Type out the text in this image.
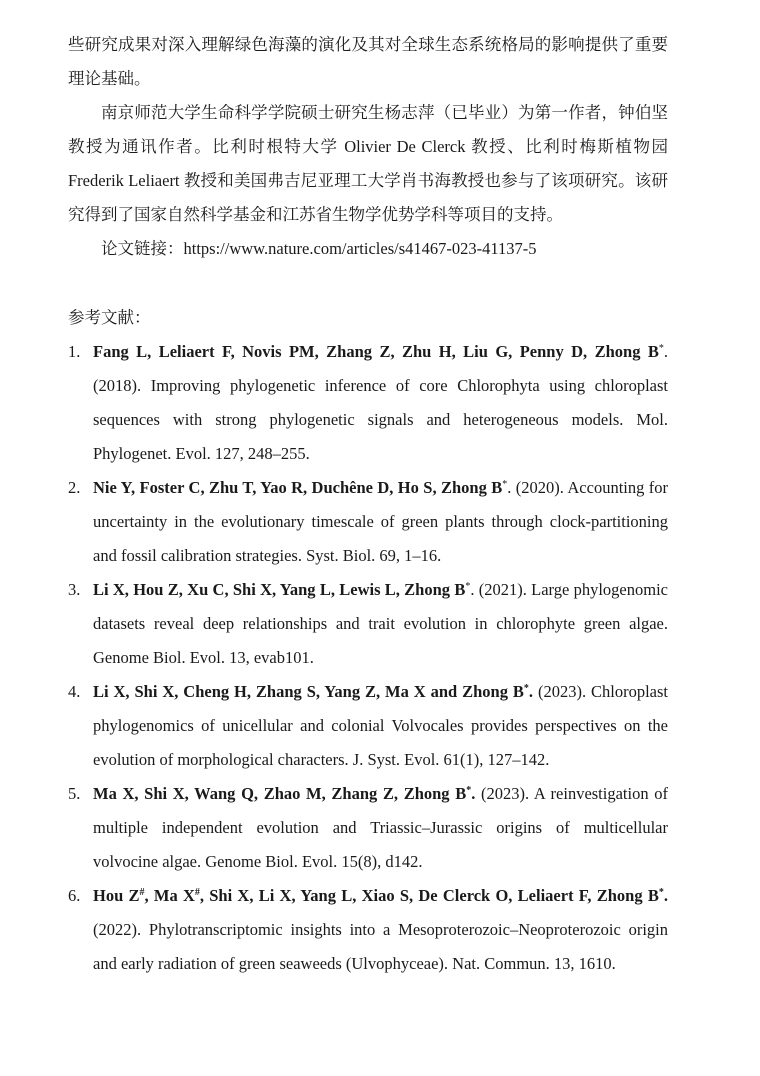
些研究成果对深入理解绿色海藻的演化及其对全球生态系统格局的影响提供了重要理论基础。

南京师范大学生命科学学院硕士研究生杨志萍（已毕业）为第一作者，钟伯坚教授为通讯作者。比利时根特大学 Olivier De Clerck 教授、比利时梅斯植物园 Frederik Leliaert 教授和美国弗吉尼亚理工大学肖书海教授也参与了该项研究。该研究得到了国家自然科学基金和江苏省生物学优势学科等项目的支持。

论文链接：https://www.nature.com/articles/s41467-023-41137-5

参考文献：

1. Fang L, Leliaert F, Novis PM, Zhang Z, Zhu H, Liu G, Penny D, Zhong B*. (2018). Improving phylogenetic inference of core Chlorophyta using chloroplast sequences with strong phylogenetic signals and heterogeneous models. Mol. Phylogenet. Evol. 127, 248–255.
2. Nie Y, Foster C, Zhu T, Yao R, Duchêne D, Ho S, Zhong B*. (2020). Accounting for uncertainty in the evolutionary timescale of green plants through clock-partitioning and fossil calibration strategies. Syst. Biol. 69, 1–16.
3. Li X, Hou Z, Xu C, Shi X, Yang L, Lewis L, Zhong B*. (2021). Large phylogenomic datasets reveal deep relationships and trait evolution in chlorophyte green algae. Genome Biol. Evol. 13, evab101.
4. Li X, Shi X, Cheng H, Zhang S, Yang Z, Ma X and Zhong B*. (2023). Chloroplast phylogenomics of unicellular and colonial Volvocales provides perspectives on the evolution of morphological characters. J. Syst. Evol. 61(1), 127–142.
5. Ma X, Shi X, Wang Q, Zhao M, Zhang Z, Zhong B*. (2023). A reinvestigation of multiple independent evolution and Triassic–Jurassic origins of multicellular volvocine algae. Genome Biol. Evol. 15(8), d142.
6. Hou Z#, Ma X#, Shi X, Li X, Yang L, Xiao S, De Clerck O, Leliaert F, Zhong B*. (2022). Phylotranscriptomic insights into a Mesoproterozoic–Neoproterozoic origin and early radiation of green seaweeds (Ulvophyceae). Nat. Commun. 13, 1610.
